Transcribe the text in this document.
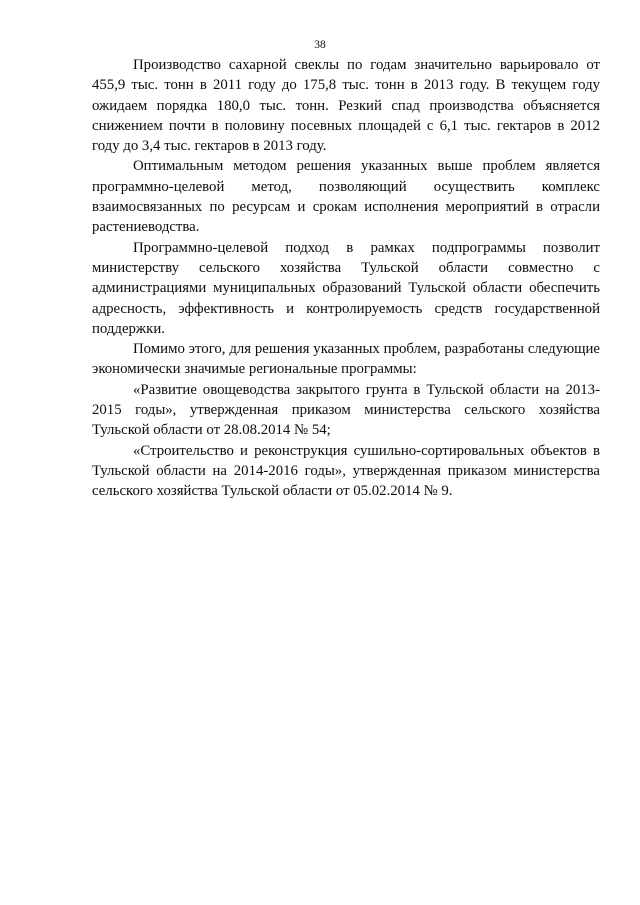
38

Производство сахарной свеклы по годам значительно варьировало от 455,9 тыс. тонн в 2011 году до 175,8 тыс. тонн в 2013 году. В текущем году ожидаем порядка 180,0 тыс. тонн. Резкий спад производства объясняется снижением почти в половину посевных площадей с 6,1 тыс. гектаров в 2012 году до 3,4 тыс. гектаров в 2013 году.

Оптимальным методом решения указанных выше проблем является программно-целевой метод, позволяющий осуществить комплекс взаимосвязанных по ресурсам и срокам исполнения мероприятий в отрасли растениеводства.

Программно-целевой подход в рамках подпрограммы позволит министерству сельского хозяйства Тульской области совместно с администрациями муниципальных образований Тульской области обеспечить адресность, эффективность и контролируемость средств государственной поддержки.

Помимо этого, для решения указанных проблем, разработаны следующие экономически значимые региональные программы:

«Развитие овощеводства закрытого грунта в Тульской области на 2013-2015 годы», утвержденная приказом министерства сельского хозяйства Тульской области от 28.08.2014 № 54;

«Строительство и реконструкция сушильно-сортировальных объектов в Тульской области на 2014-2016 годы», утвержденная приказом министерства сельского хозяйства Тульской области от 05.02.2014 № 9.
